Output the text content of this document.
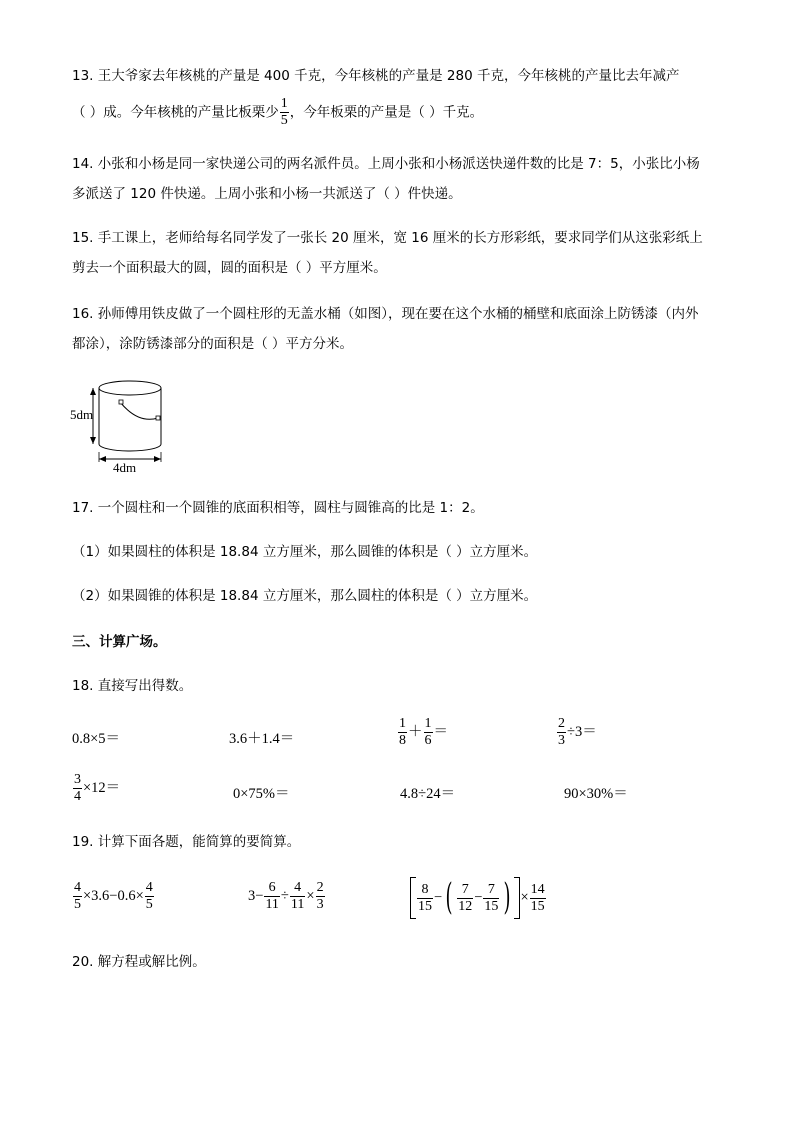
13. 王大爷家去年核桃的产量是 400 千克，今年核桃的产量是 280 千克，今年核桃的产量比去年减产
（ ）成。今年核桃的产量比板栗少 $\frac{1}{5}$ ，今年板栗的产量是（ ）千克。
14. 小张和小杨是同一家快递公司的两名派件员。上周小张和小杨派送快递件数的比是 7：5，小张比小杨
多派送了 120 件快递。上周小张和小杨一共派送了（ ）件快递。
15. 手工课上，老师给每名同学发了一张长 20 厘米，宽 16 厘米的长方形彩纸，要求同学们从这张彩纸上
剪去一个面积最大的圆，圆的面积是（ ）平方厘米。
16. 孙师傅用铁皮做了一个圆柱形的无盖水桶（如图），现在要在这个水桶的桶壁和底面涂上防锈漆（内外
都涂），涂防锈漆部分的面积是（ ）平方分米。
5dm
4dm
17. 一个圆柱和一个圆锥的底面积相等，圆柱与圆锥高的比是 1：2。
（1）如果圆柱的体积是 18.84 立方厘米，那么圆锥的体积是（ ）立方厘米。
（2）如果圆锥的体积是 18.84 立方厘米，那么圆柱的体积是（ ）立方厘米。
三、计算广场。
18. 直接写出得数。
0.8×5＝	3.6＋1.4＝	$\frac{1}{8} + \frac{1}{6}$ ＝	$\frac{2}{3} \div 3=$
$\frac{3}{4} \times 12=$	0×75%＝	4.8÷24＝	90×30%＝
19. 计算下面各题，能简算的要简算。
$\frac{4}{5} \times 3.6-0.6\times \frac{4}{5}$	$3- \frac{6}{11} \div \frac{4}{11} \times \frac{2}{3}$	$\frac{8}{15}$ −( $\frac{7}{12} - \frac{7}{15}$ ) × $\frac{14}{15}$
20. 解方程或解比例。
